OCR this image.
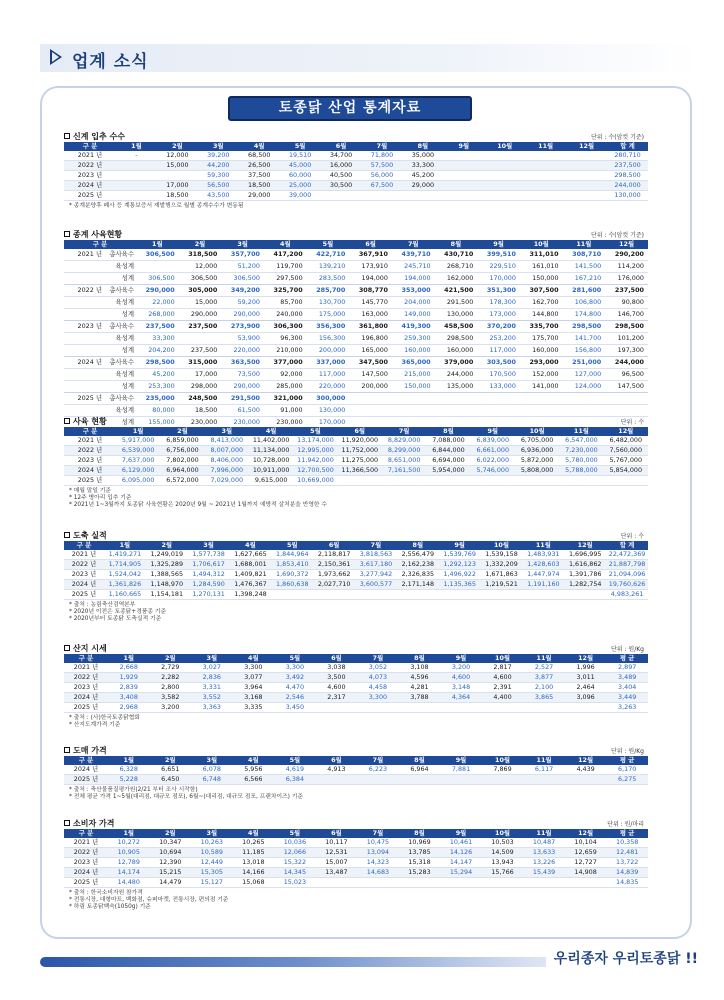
업계 소식
토종닭 산업 통계자료
신계 입추 수수	단위 : 수(암컷 기준)
구 분	1월	2월	3월	4월	5월	6월	7월	8월	9월	10월	11월	12월	합 계
2021 년	-	12,000	39,200	68,500	19,510	34,700	71,800	35,000					280,710
2022 년		15,000	44,200	26,500	45,000	16,000	57,500	33,300					237,500
2023 년			59,300	37,500	60,000	40,500	56,000	45,200					298,500
2024 년		17,000	56,500	18,500	25,000	30,500	67,500	29,000					244,000
2025 년		18,500	43,500	29,000	39,000								130,000
* 종계분양후 폐사 등 계통보증서 재발행으로 월별 종계수수가 변동됨
종계 사육현황	단위 : 수(암컷 기준)
구 분		1월	2월	3월	4월	5월	6월	7월	8월	9월	10월	11월	12월
2021 년	총사육수	306,500	318,500	357,700	417,200	422,710	367,910	439,710	430,710	399,510	311,010	308,710	290,200
	육성계		12,000	51,200	119,700	139,210	173,910	245,710	268,710	229,510	161,010	141,500	114,200
	성계	306,500	306,500	306,500	297,500	283,500	194,000	194,000	162,000	170,000	150,000	167,210	176,000
2022 년	총사육수	290,000	305,000	349,200	325,700	285,700	308,770	353,000	421,500	351,300	307,500	281,600	237,500
	육성계	22,000	15,000	59,200	85,700	130,700	145,770	204,000	291,500	178,300	162,700	106,800	90,800
	성계	268,000	290,000	290,000	240,000	175,000	163,000	149,000	130,000	173,000	144,800	174,800	146,700
2023 년	총사육수	237,500	237,500	273,900	306,300	356,300	361,800	419,300	458,500	370,200	335,700	298,500	298,500
	육성계	33,300		53,900	96,300	156,300	196,800	259,300	298,500	253,200	175,700	141,700	101,200
	성계	204,200	237,500	220,000	210,000	200,000	165,000	160,000	160,000	117,000	160,000	156,800	197,300
2024 년	총사육수	298,500	315,000	363,500	377,000	337,000	347,500	365,000	379,000	303,500	293,000	251,000	244,000
	육성계	45,200	17,000	73,500	92,000	117,000	147,500	215,000	244,000	170,500	152,000	127,000	96,500
	성계	253,300	298,000	290,000	285,000	220,000	200,000	150,000	135,000	133,000	141,000	124,000	147,500
2025 년	총사육수	235,000	248,500	291,500	321,000	300,000							
	육성계	80,000	18,500	61,500	91,000	130,000							
	성계	155,000	230,000	230,000	230,000	170,000							
사육 현황	단위 : 수
구 분	1월	2월	3월	4월	5월	6월	7월	8월	9월	10월	11월	12월
2021 년	5,917,000	6,859,000	8,413,000	11,402,000	13,174,000	11,920,000	8,829,000	7,088,000	6,839,000	6,705,000	6,547,000	6,482,000
2022 년	6,539,000	6,756,000	8,007,000	11,134,000	12,995,000	11,752,000	8,299,000	6,844,000	6,661,000	6,936,000	7,230,000	7,560,000
2023 년	7,637,000	7,802,000	8,406,000	10,728,000	11,942,000	11,275,000	8,651,000	6,694,000	6,022,000	5,872,000	5,780,000	5,767,000
2024 년	6,129,000	6,964,000	7,996,000	10,911,000	12,700,500	11,366,500	7,161,500	5,954,000	5,746,000	5,808,000	5,788,000	5,854,000
2025 년	6,095,000	6,572,000	7,029,000	9,615,000	10,669,000							
* 매월 말일 기준
* 12주 병아리 입추 기준
* 2021년 1~3월까지 토종닭 사육현황은 2020년 9월 ~ 2021년 1월까지 예방적 살처분을 반영한 수
도축 실적	단위 : 수
구 분	1월	2월	3월	4월	5월	6월	7월	8월	9월	10월	11월	12월	합 계
2021 년	1,419,271	1,249,019	1,577,738	1,627,665	1,844,964	2,118,817	3,818,563	2,556,479	1,539,769	1,539,158	1,483,931	1,696,995	22,472,369
2022 년	1,714,905	1,325,289	1,706,617	1,688,001	1,853,410	2,150,361	3,617,180	2,162,238	1,292,123	1,332,209	1,428,603	1,616,862	21,887,798
2023 년	1,524,042	1,388,565	1,494,312	1,409,821	1,690,372	1,973,662	3,277,942	2,326,835	1,496,922	1,671,863	1,447,974	1,391,786	21,094,096
2024 년	1,361,826	1,148,970	1,284,590	1,476,367	1,860,638	2,027,710	3,600,577	2,171,148	1,135,365	1,219,521	1,191,160	1,282,754	19,760,626
2025 년	1,160,665	1,154,181	1,270,131	1,398,248									4,983,261
* 출처 : 농림축산검역본부
* 2020년 이전은 토종닭+경품종 기준
* 2020년부터 토종닭 도축실적 기준
산지 시세	단위 : 원/Kg
구 분	1월	2월	3월	4월	5월	6월	7월	8월	9월	10월	11월	12월	평 균
2021 년	2,668	2,729	3,027	3,300	3,300	3,038	3,052	3,108	3,200	2,817	2,527	1,996	2,897
2022 년	1,929	2,282	2,836	3,077	3,492	3,500	4,073	4,596	4,600	4,600	3,877	3,011	3,489
2023 년	2,839	2,800	3,331	3,964	4,470	4,600	4,458	4,281	3,148	2,391	2,100	2,464	3,404
2024 년	3,408	3,582	3,552	3,168	2,546	2,317	3,300	3,788	4,364	4,400	3,865	3,096	3,449
2025 년	2,968	3,200	3,363	3,335	3,450								3,263
* 출처 : (사)한국토종닭협회
* 산지도계가격 기준
도매 가격	단위 : 원/Kg
구 분	1월	2월	3월	4월	5월	6월	7월	8월	9월	10월	11월	12월	평 균
2024 년	6,328	6,651	6,078	5,956	4,619	4,913	6,223	6,964	7,881	7,869	6,117	4,439	6,170
2025 년	5,228	6,450	6,748	6,566	6,384								6,275
* 출처 : 축산물품질평가원(2/21 부터 조사 시작함)
* 전체 평균 가격 1~5월(대리점, 대규모 점포), 6월~(대리점, 대규모 점포, 프랜차이즈) 기준
소비자 가격	단위 : 원/마리
구 분	1월	2월	3월	4월	5월	6월	7월	8월	9월	10월	11월	12월	평 균
2021 년	10,272	10,347	10,263	10,265	10,036	10,117	10,475	10,969	10,461	10,503	10,487	10,104	10,358
2022 년	10,905	10,694	10,589	11,185	12,066	12,531	13,094	13,785	14,126	14,509	13,633	12,659	12,481
2023 년	12,789	12,390	12,449	13,018	15,322	15,007	14,323	15,318	14,147	13,943	13,226	12,727	13,722
2024 년	14,174	15,215	15,305	14,166	14,345	13,487	14,683	15,283	15,294	15,766	15,439	14,908	14,839
2025 년	14,480	14,479	15,127	15,068	15,023								14,835
* 출처 : 한국소비자원 참가격
* 전통시장, 대형마트, 백화점, 슈퍼마켓, 전통시장, 편의점 기준
* 하림 토종닭백숙(1050g) 기준
우리종자 우리토종닭 !!
